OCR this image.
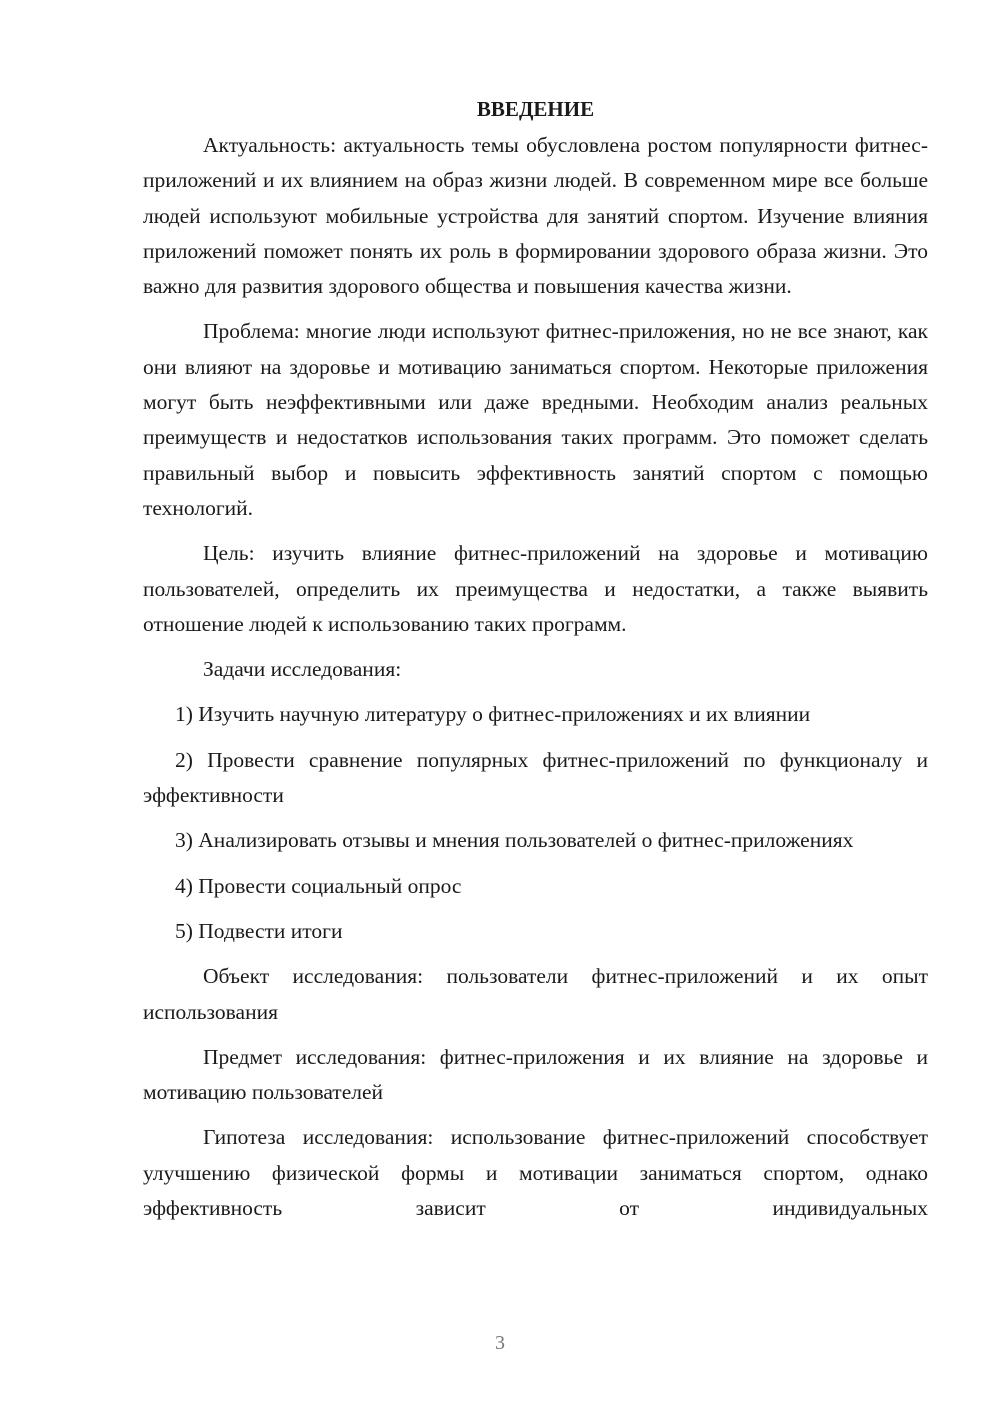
ВВЕДЕНИЕ

Актуальность: актуальность темы обусловлена ростом популярности фитнес-приложений и их влиянием на образ жизни людей. В современном мире все больше людей используют мобильные устройства для занятий спортом. Изучение влияния приложений поможет понять их роль в формировании здорового образа жизни. Это важно для развития здорового общества и повышения качества жизни.

Проблема: многие люди используют фитнес-приложения, но не все знают, как они влияют на здоровье и мотивацию заниматься спортом. Некоторые приложения могут быть неэффективными или даже вредными. Необходим анализ реальных преимуществ и недостатков использования таких программ. Это поможет сделать правильный выбор и повысить эффективность занятий спортом с помощью технологий.

Цель: изучить влияние фитнес-приложений на здоровье и мотивацию пользователей, определить их преимущества и недостатки, а также выявить отношение людей к использованию таких программ.

Задачи исследования:

1) Изучить научную литературу о фитнес-приложениях и их влиянии

2) Провести сравнение популярных фитнес-приложений по функционалу и эффективности

3) Анализировать отзывы и мнения пользователей о фитнес-приложениях

4) Провести социальный опрос

5) Подвести итоги

Объект исследования: пользователи фитнес-приложений и их опыт использования

Предмет исследования: фитнес-приложения и их влияние на здоровье и мотивацию пользователей

Гипотеза исследования: использование фитнес-приложений способствует улучшению физической формы и мотивации заниматься спортом, однако эффективность зависит от индивидуальных

3
